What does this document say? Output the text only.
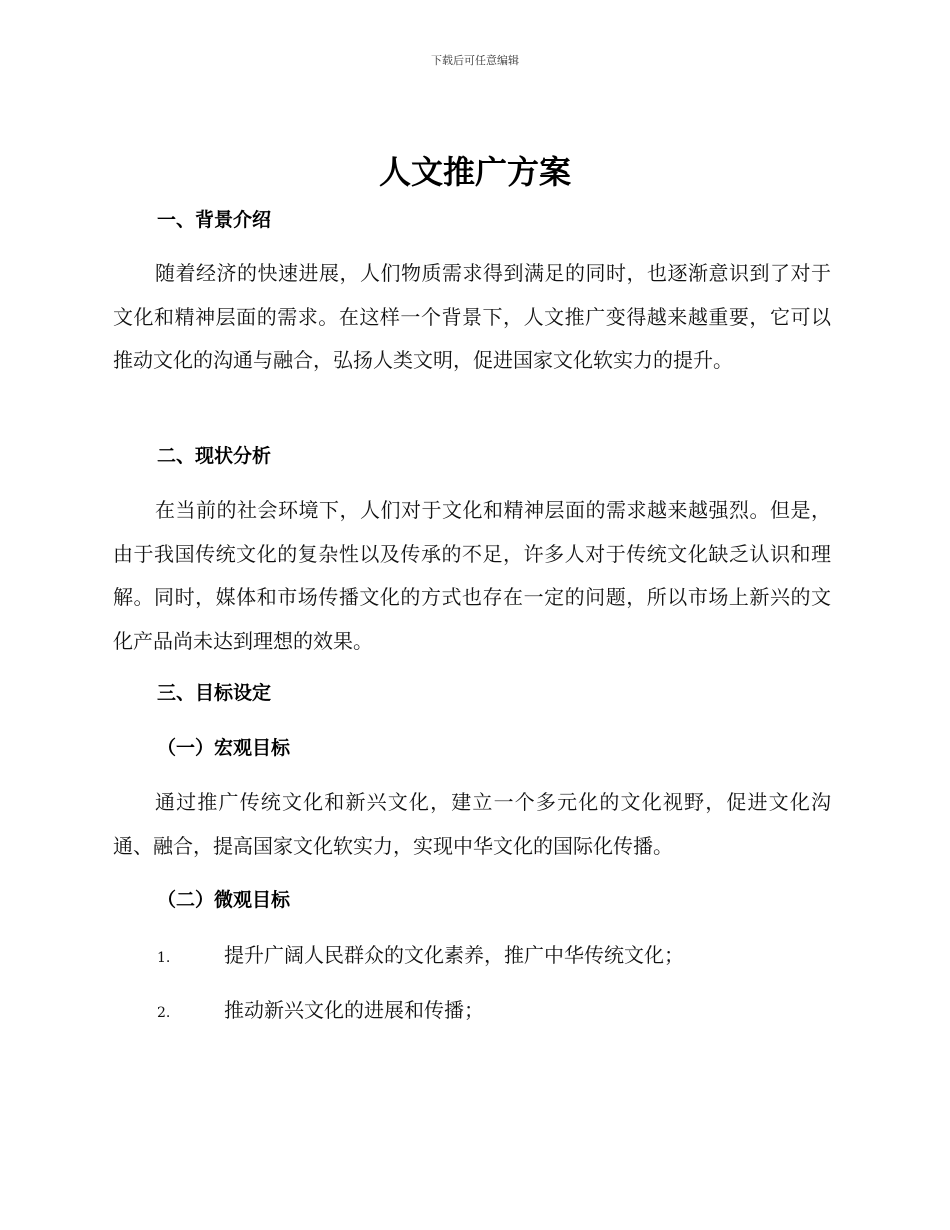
下载后可任意编辑
人文推广方案
一、背景介绍

随着经济的快速进展，人们物质需求得到满足的同时，也逐渐意识到了对于文化和精神层面的需求。在这样一个背景下，人文推广变得越来越重要，它可以推动文化的沟通与融合，弘扬人类文明，促进国家文化软实力的提升。

二、现状分析

在当前的社会环境下，人们对于文化和精神层面的需求越来越强烈。但是，由于我国传统文化的复杂性以及传承的不足，许多人对于传统文化缺乏认识和理解。同时，媒体和市场传播文化的方式也存在一定的问题，所以市场上新兴的文化产品尚未达到理想的效果。

三、目标设定
（一）宏观目标

通过推广传统文化和新兴文化，建立一个多元化的文化视野，促进文化沟通、融合，提高国家文化软实力，实现中华文化的国际化传播。

（二）微观目标
1.	提升广阔人民群众的文化素养，推广中华传统文化；
2.	推动新兴文化的进展和传播；
